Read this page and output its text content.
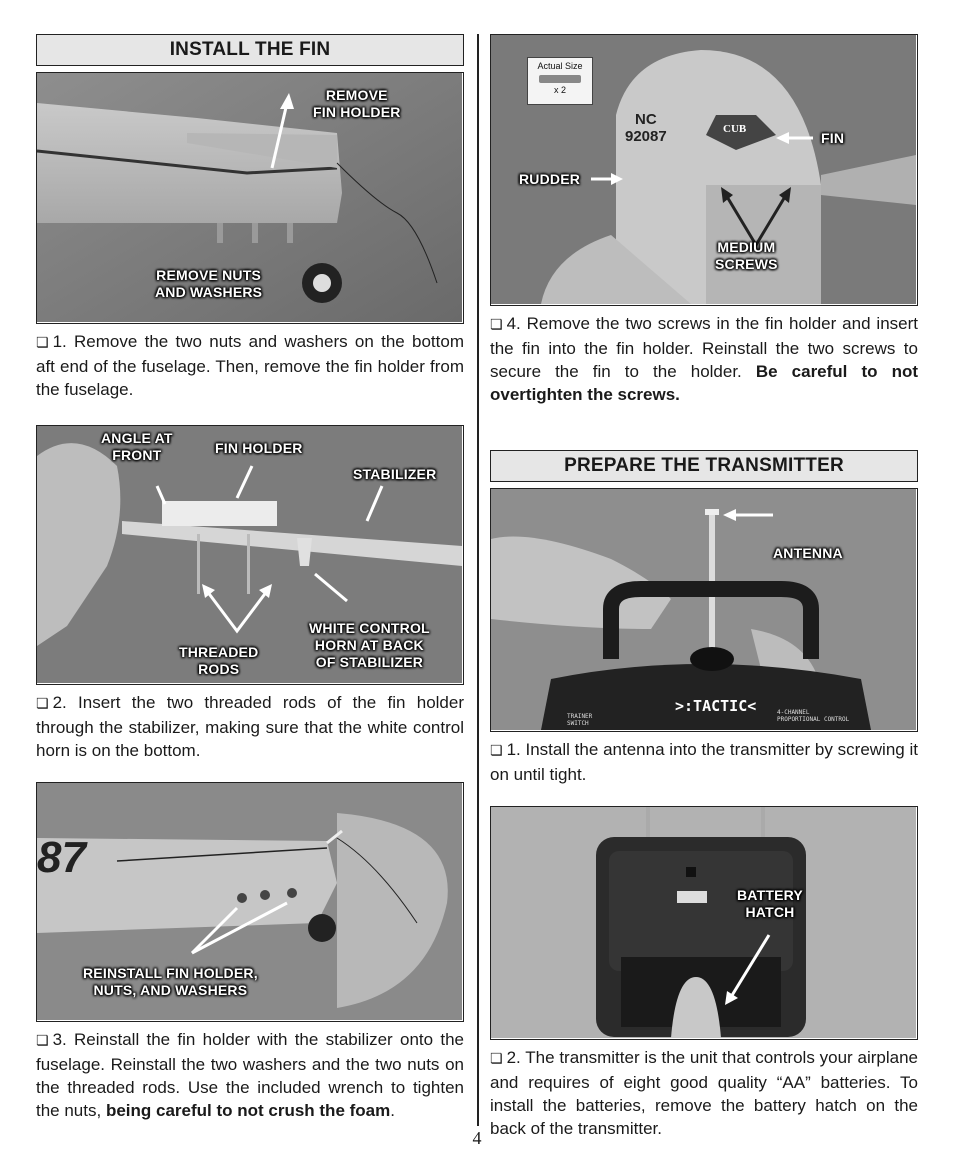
INSTALL THE FIN
REMOVE
FIN HOLDER
REMOVE NUTS
AND WASHERS

❏ 1. Remove the two nuts and washers on the bottom aft end of the fuselage. Then, remove the fin holder from the fuselage.

ANGLE AT
FRONT	FIN HOLDER
STABILIZER
THREADED
RODS
WHITE CONTROL
HORN AT BACK
OF STABILIZER

❏ 2. Insert the two threaded rods of the fin holder through the stabilizer, making sure that the white control horn is on the bottom.

87
REINSTALL FIN HOLDER,
NUTS, AND WASHERS

❏ 3. Reinstall the fin holder with the stabilizer onto the fuselage. Reinstall the two washers and the two nuts on the threaded rods. Use the included wrench to tighten the nuts, being careful to not crush the foam.

Actual Size
x 2
NC
92087	CUB
RUDDER
FIN
MEDIUM
SCREWS

❏ 4. Remove the two screws in the fin holder and insert the fin into the fin holder. Reinstall the two screws to secure the fin to the holder. Be careful to not overtighten the screws.

PREPARE THE TRANSMITTER
ANTENNA
>:TACTIC<
TRAINER
SWITCH
4-CHANNEL
PROPORTIONAL CONTROL

❏ 1. Install the antenna into the transmitter by screwing it on until tight.

BATTERY
HATCH

❏ 2. The transmitter is the unit that controls your airplane and requires of eight good quality “AA” batteries. To install the batteries, remove the battery hatch on the back of the transmitter.

4
